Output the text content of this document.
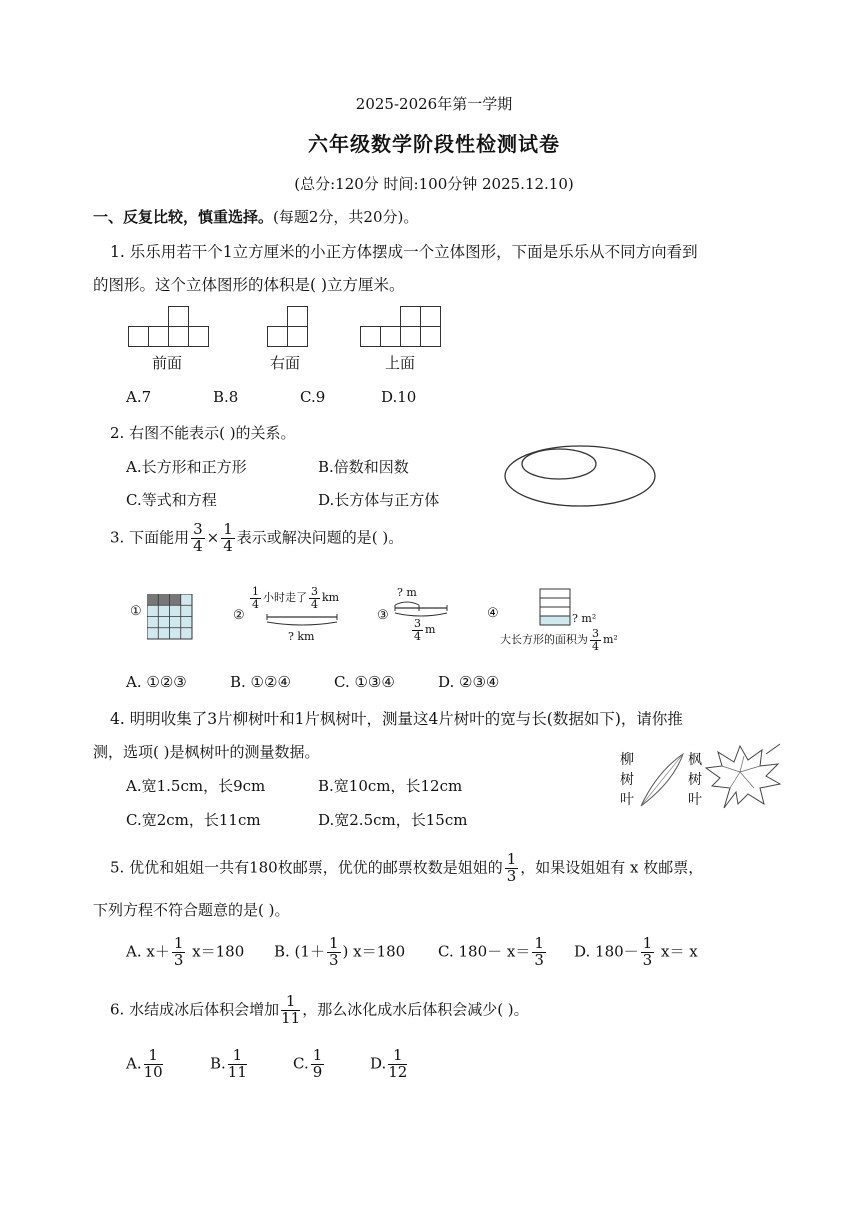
2025-2026年第一学期
六年级数学阶段性检测试卷
(总分:120分 时间:100分钟 2025.12.10)
一、反复比较，慎重选择。(每题2分，共20分)。
1. 乐乐用若干个1立方厘米的小正方体摆成一个立体图形，下面是乐乐从不同方向看到
的图形。这个立体图形的体积是( )立方厘米。
前面	右面	上面
A.7	B.8	C.9	D.10
2. 右图不能表示( )的关系。
A.长方形和正方形	B.倍数和因数
C.等式和方程	D.长方体与正方体
3. 下面能用 $\frac{3}{4} \times \frac{1}{4}$ 表示或解决问题的是( )。
①	②
$\frac{1}{4}$ 小时走了 $\frac{3}{4}$ km
? km
③
? m
$\frac{3}{4}$ m
④	? m²
大长方形的面积为 $\frac{3}{4} m^2$
A. ①②③	B. ①②④	C. ①③④	D. ②③④
4. 明明收集了3片柳树叶和1片枫树叶，测量这4片树叶的宽与长(数据如下)，请你推
测，选项( )是枫树叶的测量数据。
A.宽1.5cm，长9cm	B.宽10cm，长12cm
C.宽2cm，长11cm	D.宽2.5cm，长15cm
柳树叶
枫树叶
5. 优优和姐姐一共有180枚邮票，优优的邮票枚数是姐姐的 $\frac{1}{3}$ ，如果设姐姐有 x 枚邮票，
下列方程不符合题意的是( )。
A. $x+ \frac{1}{3} x=180$ B. ($1+ \frac{1}{3}$ ) x＝180 C. $180- x= \frac{1}{3} D$. $180- \frac{1}{3} x= x$
6. 水结成冰后体积会增加 $\frac{1}{11}$ ，那么冰化成水后体积会减少( )。
A. $\frac{1}{10}$	B. $\frac{1}{11}$	C. $\frac{1}{9}$	D. $\frac{1}{12}$
